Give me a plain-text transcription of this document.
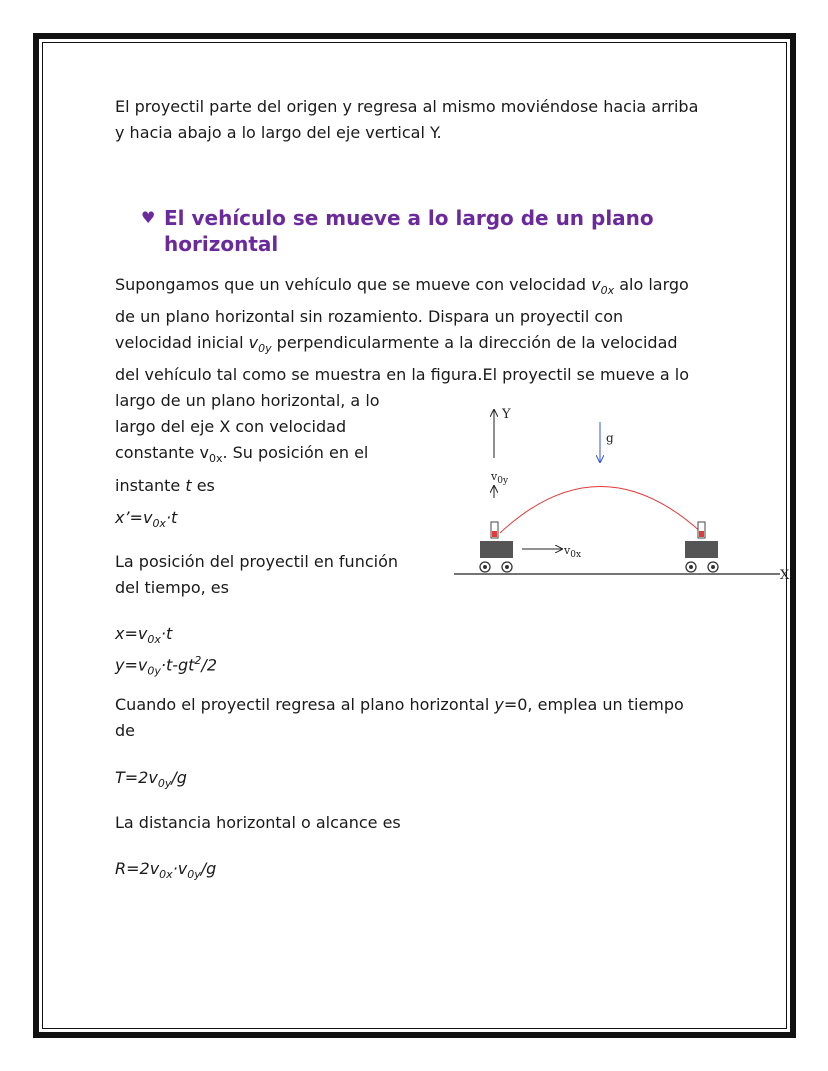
El proyectil parte del origen y regresa al mismo moviéndose hacia arriba
y hacia abajo a lo largo del eje vertical Y.
♥ El vehículo se mueve a lo largo de un plano
horizontal
Supongamos que un vehículo que se mueve con velocidad $v_{0x}$ alo largo
de un plano horizontal sin rozamiento. Dispara un proyectil con
velocidad inicial $v_{0y}$ perpendicularmente a la dirección de la velocidad
del vehículo tal como se muestra en la figura.El proyectil se mueve a lo
largo de un plano horizontal, a lo
largo del eje X con velocidad
constante $v_{0x}$. Su posición en el
instante t es
$x’=v_{0x}\cdot t$
La posición del proyectil en función
del tiempo, es
$x=v_{0x}\cdot t$
$y=v_{0y}\cdot t-gt^2/2$
Cuando el proyectil regresa al plano horizontal y=0, emplea un tiempo
de
$T=2v_{0y}/g$
La distancia horizontal o alcance es
$R=2v_{0x}\cdot v_{0y}/g$
Y
g
$v_{0y}$
$v_{0x}$
X
